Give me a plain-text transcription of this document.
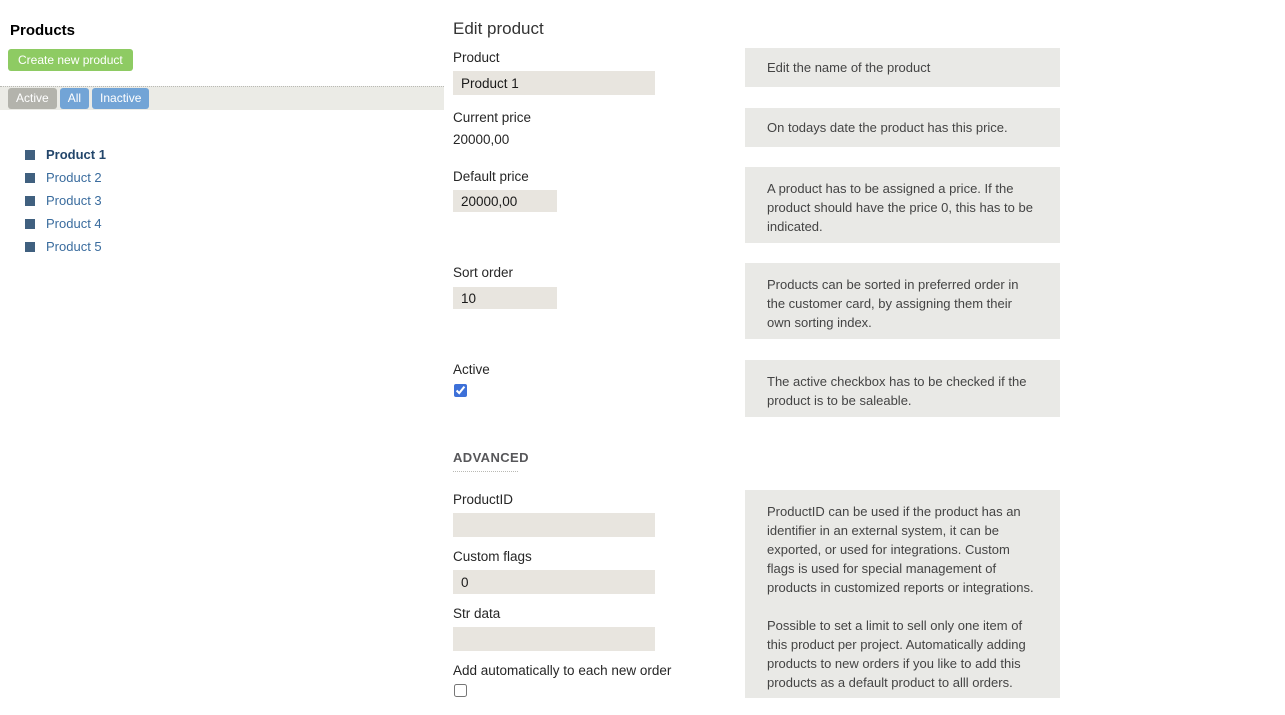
Products
Create new product
Active	All	Inactive
Product 1
Product 2
Product 3
Product 4
Product 5
Edit product
Product
Product 1
Current price
20000,00
Default price
20000,00
Sort order
10
Active
ADVANCED
ProductID
Custom flags
0
Str data
Add automatically to each new order
Edit the name of the product
On todays date the product has this price.

A product has to be assigned a price. If the product should have the price 0, this has to be indicated.

Products can be sorted in preferred order in the customer card, by assigning them their own sorting index.

The active checkbox has to be checked if the product is to be saleable.

ProductID can be used if the product has an identifier in an external system, it can be exported, or used for integrations. Custom flags is used for special management of products in customized reports or integrations.

Possible to set a limit to sell only one item of this product per project. Automatically adding products to new orders if you like to add this products as a default product to alll orders.
